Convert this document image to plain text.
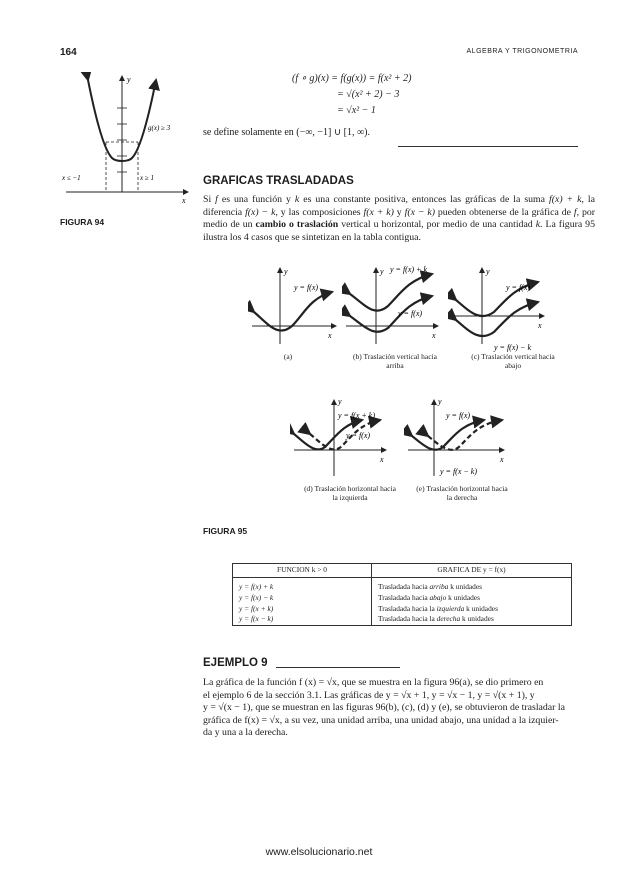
164	ALGEBRA Y TRIGONOMETRIA
y
x
g(x) ≥ 3
x ≤ −1	x ≥ 1
FIGURA 94
(f ∘ g)(x) = f(g(x)) = f(x² + 2)
= √(x² + 2) − 3
= √x² − 1
se define solamente en (−∞, −1] ∪ [1, ∞).
GRAFICAS TRASLADADAS
Si f es una función y k es una constante positiva, entonces las gráficas de la suma f(x) + k, la diferencia f(x) − k, y las composiciones f(x + k) y f(x − k) pueden obtenerse de la gráfica de f, por medio de un cambio o traslación vertical u horizontal, por medio de una cantidad k. La figura 95 ilustra los 4 casos que se sintetizan en la tabla contigua.
y
y = f(x)
x
(a)
y y = f(x) + k
y = f(x)
x
(b) Traslación vertical hacia arriba
y
y = f(x)
x
y = f(x) − k
(c) Traslación vertical hacia abajo
y
y = f(x + k)
y = f(x)
x
(d) Traslación horizontal hacia la izquierda
y
y = f(x)
x
y = f(x − k)
(e) Traslación horizontal hacia la derecha
FIGURA 95
FUNCION k > 0	GRAFICA DE y = f(x)
y = f(x) + k	Trasladada hacia arriba k unidades
y = f(x) − k	Trasladada hacia abajo k unidades
y = f(x + k)	Trasladada hacia la izquierda k unidades
y = f(x − k)	Trasladada hacia la derecha k unidades
EJEMPLO 9
La gráfica de la función f (x) = √x, que se muestra en la figura 96(a), se dio primero en
el ejemplo 6 de la sección 3.1. Las gráficas de y = √x + 1, y = √x − 1, y = √(x + 1), y
y = √(x − 1), que se muestran en las figuras 96(b), (c), (d) y (e), se obtuvieron de trasladar la
gráfica de f(x) = √x, a su vez, una unidad arriba, una unidad abajo, una unidad a la izquier-
da y una a la derecha.
www.elsolucionario.net
